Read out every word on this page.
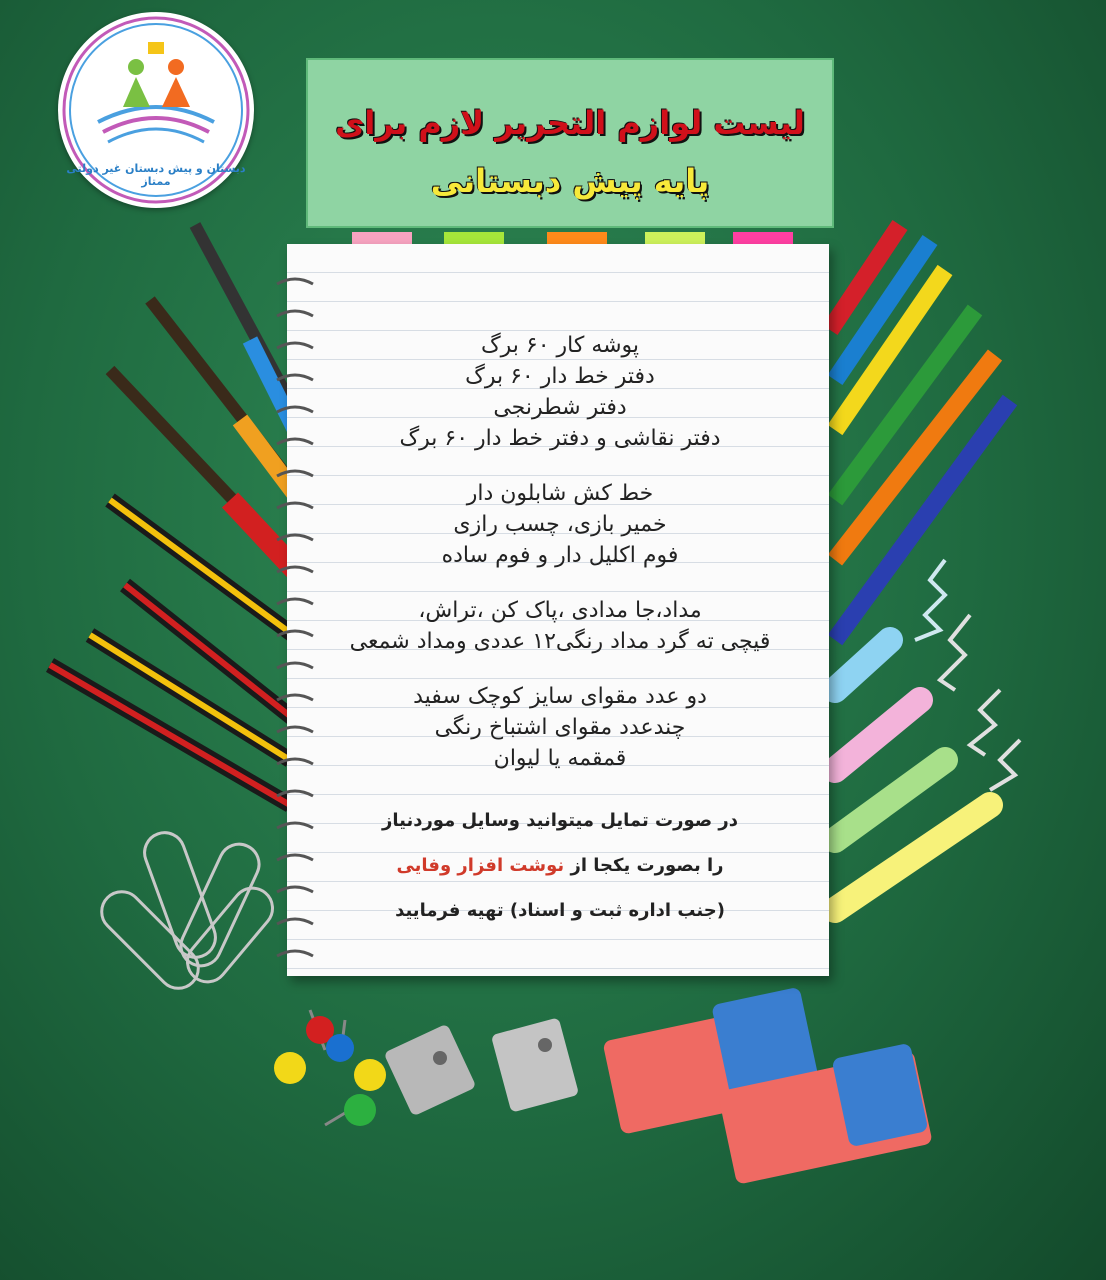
دبستان و پیش دبستان غیر دولتی ممتاز
لیست لوازم التحریر لازم برای
پایه پیش دبستانی
پوشه کار ۶۰ برگ
دفتر خط دار ۶۰ برگ
دفتر شطرنجی
دفتر نقاشی و دفتر خط دار ۶۰ برگ
خط کش شابلون دار
خمیر بازی، چسب رازی
فوم اکلیل دار و فوم ساده
مداد،جا مدادی ،پاک کن ،تراش،
قیچی ته گرد مداد رنگی۱۲ عددی ومداد شمعی
دو عدد مقوای سایز کوچک سفید
چندعدد مقوای اشتباخ رنگی
قمقمه یا لیوان
در صورت تمایل میتوانید وسایل موردنیاز
را بصورت یکجا از نوشت افزار وفایی
(جنب اداره ثبت و اسناد) تهیه فرمایید
